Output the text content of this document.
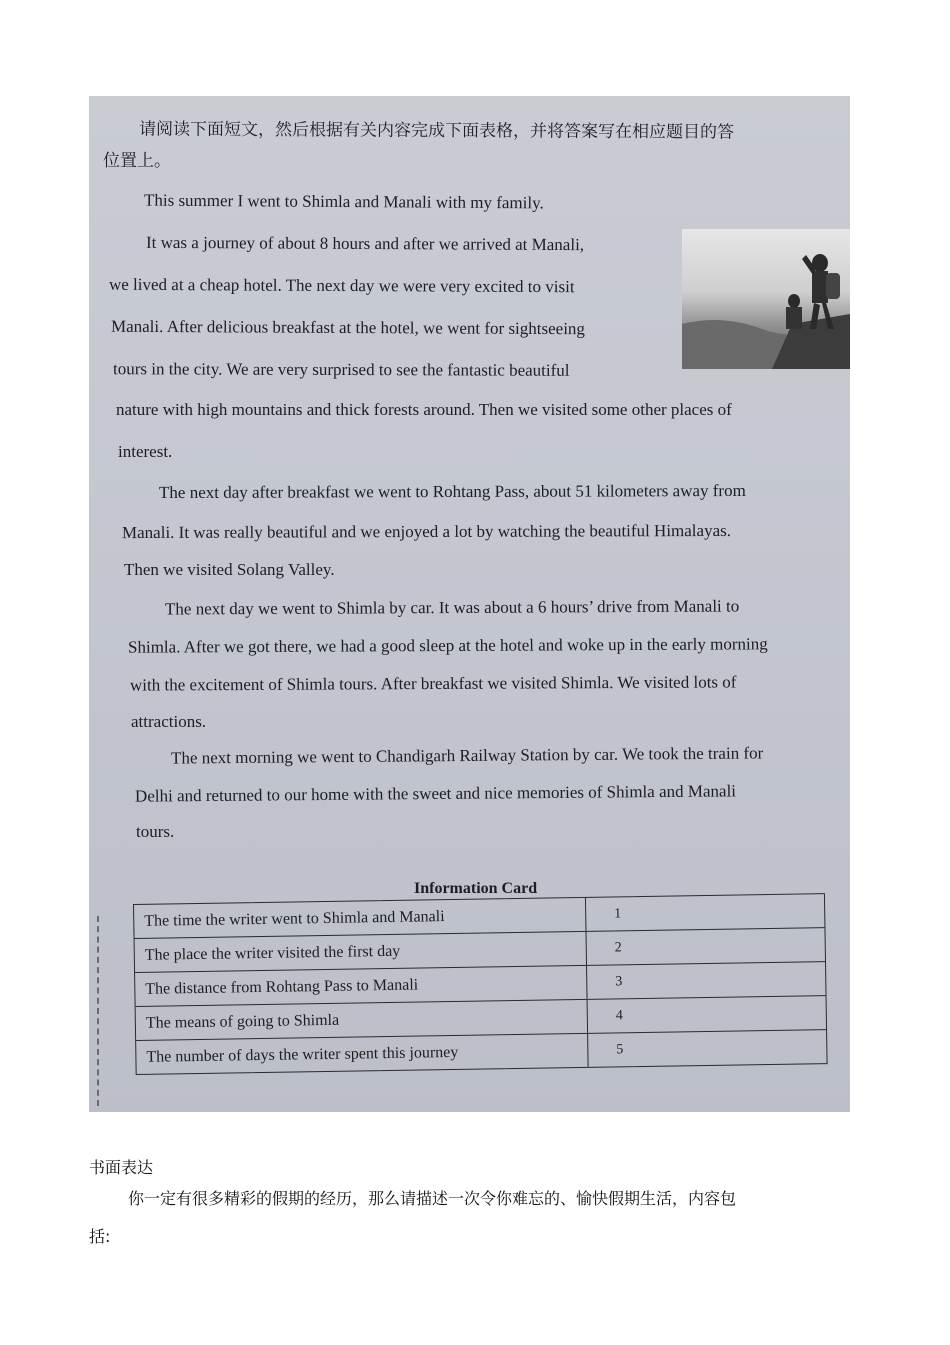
请阅读下面短文，然后根据有关内容完成下面表格，并将答案写在相应题目的答
位置上。
This summer I went to Shimla and Manali with my family.
It was a journey of about 8 hours and after we arrived at Manali,
we lived at a cheap hotel. The next day we were very excited to visit
Manali. After delicious breakfast at the hotel, we went for sightseeing
tours in the city. We are very surprised to see the fantastic beautiful
nature with high mountains and thick forests around. Then we visited some other places of
interest.
The next day after breakfast we went to Rohtang Pass, about 51 kilometers away from
Manali. It was really beautiful and we enjoyed a lot by watching the beautiful Himalayas.
Then we visited Solang Valley.
The next day we went to Shimla by car. It was about a 6 hours’ drive from Manali to
Shimla. After we got there, we had a good sleep at the hotel and woke up in the early morning
with the excitement of Shimla tours. After breakfast we visited Shimla. We visited lots of
attractions.
The next morning we went to Chandigarh Railway Station by car. We took the train for
Delhi and returned to our home with the sweet and nice memories of Shimla and Manali
tours.
Information Card
The time the writer went to Shimla and Manali	1
The place the writer visited the first day	2
The distance from Rohtang Pass to Manali	3
The means of going to Shimla	4
The number of days the writer spent this journey	5
书面表达
你一定有很多精彩的假期的经历，那么请描述一次令你难忘的、愉快假期生活，内容包
括:
